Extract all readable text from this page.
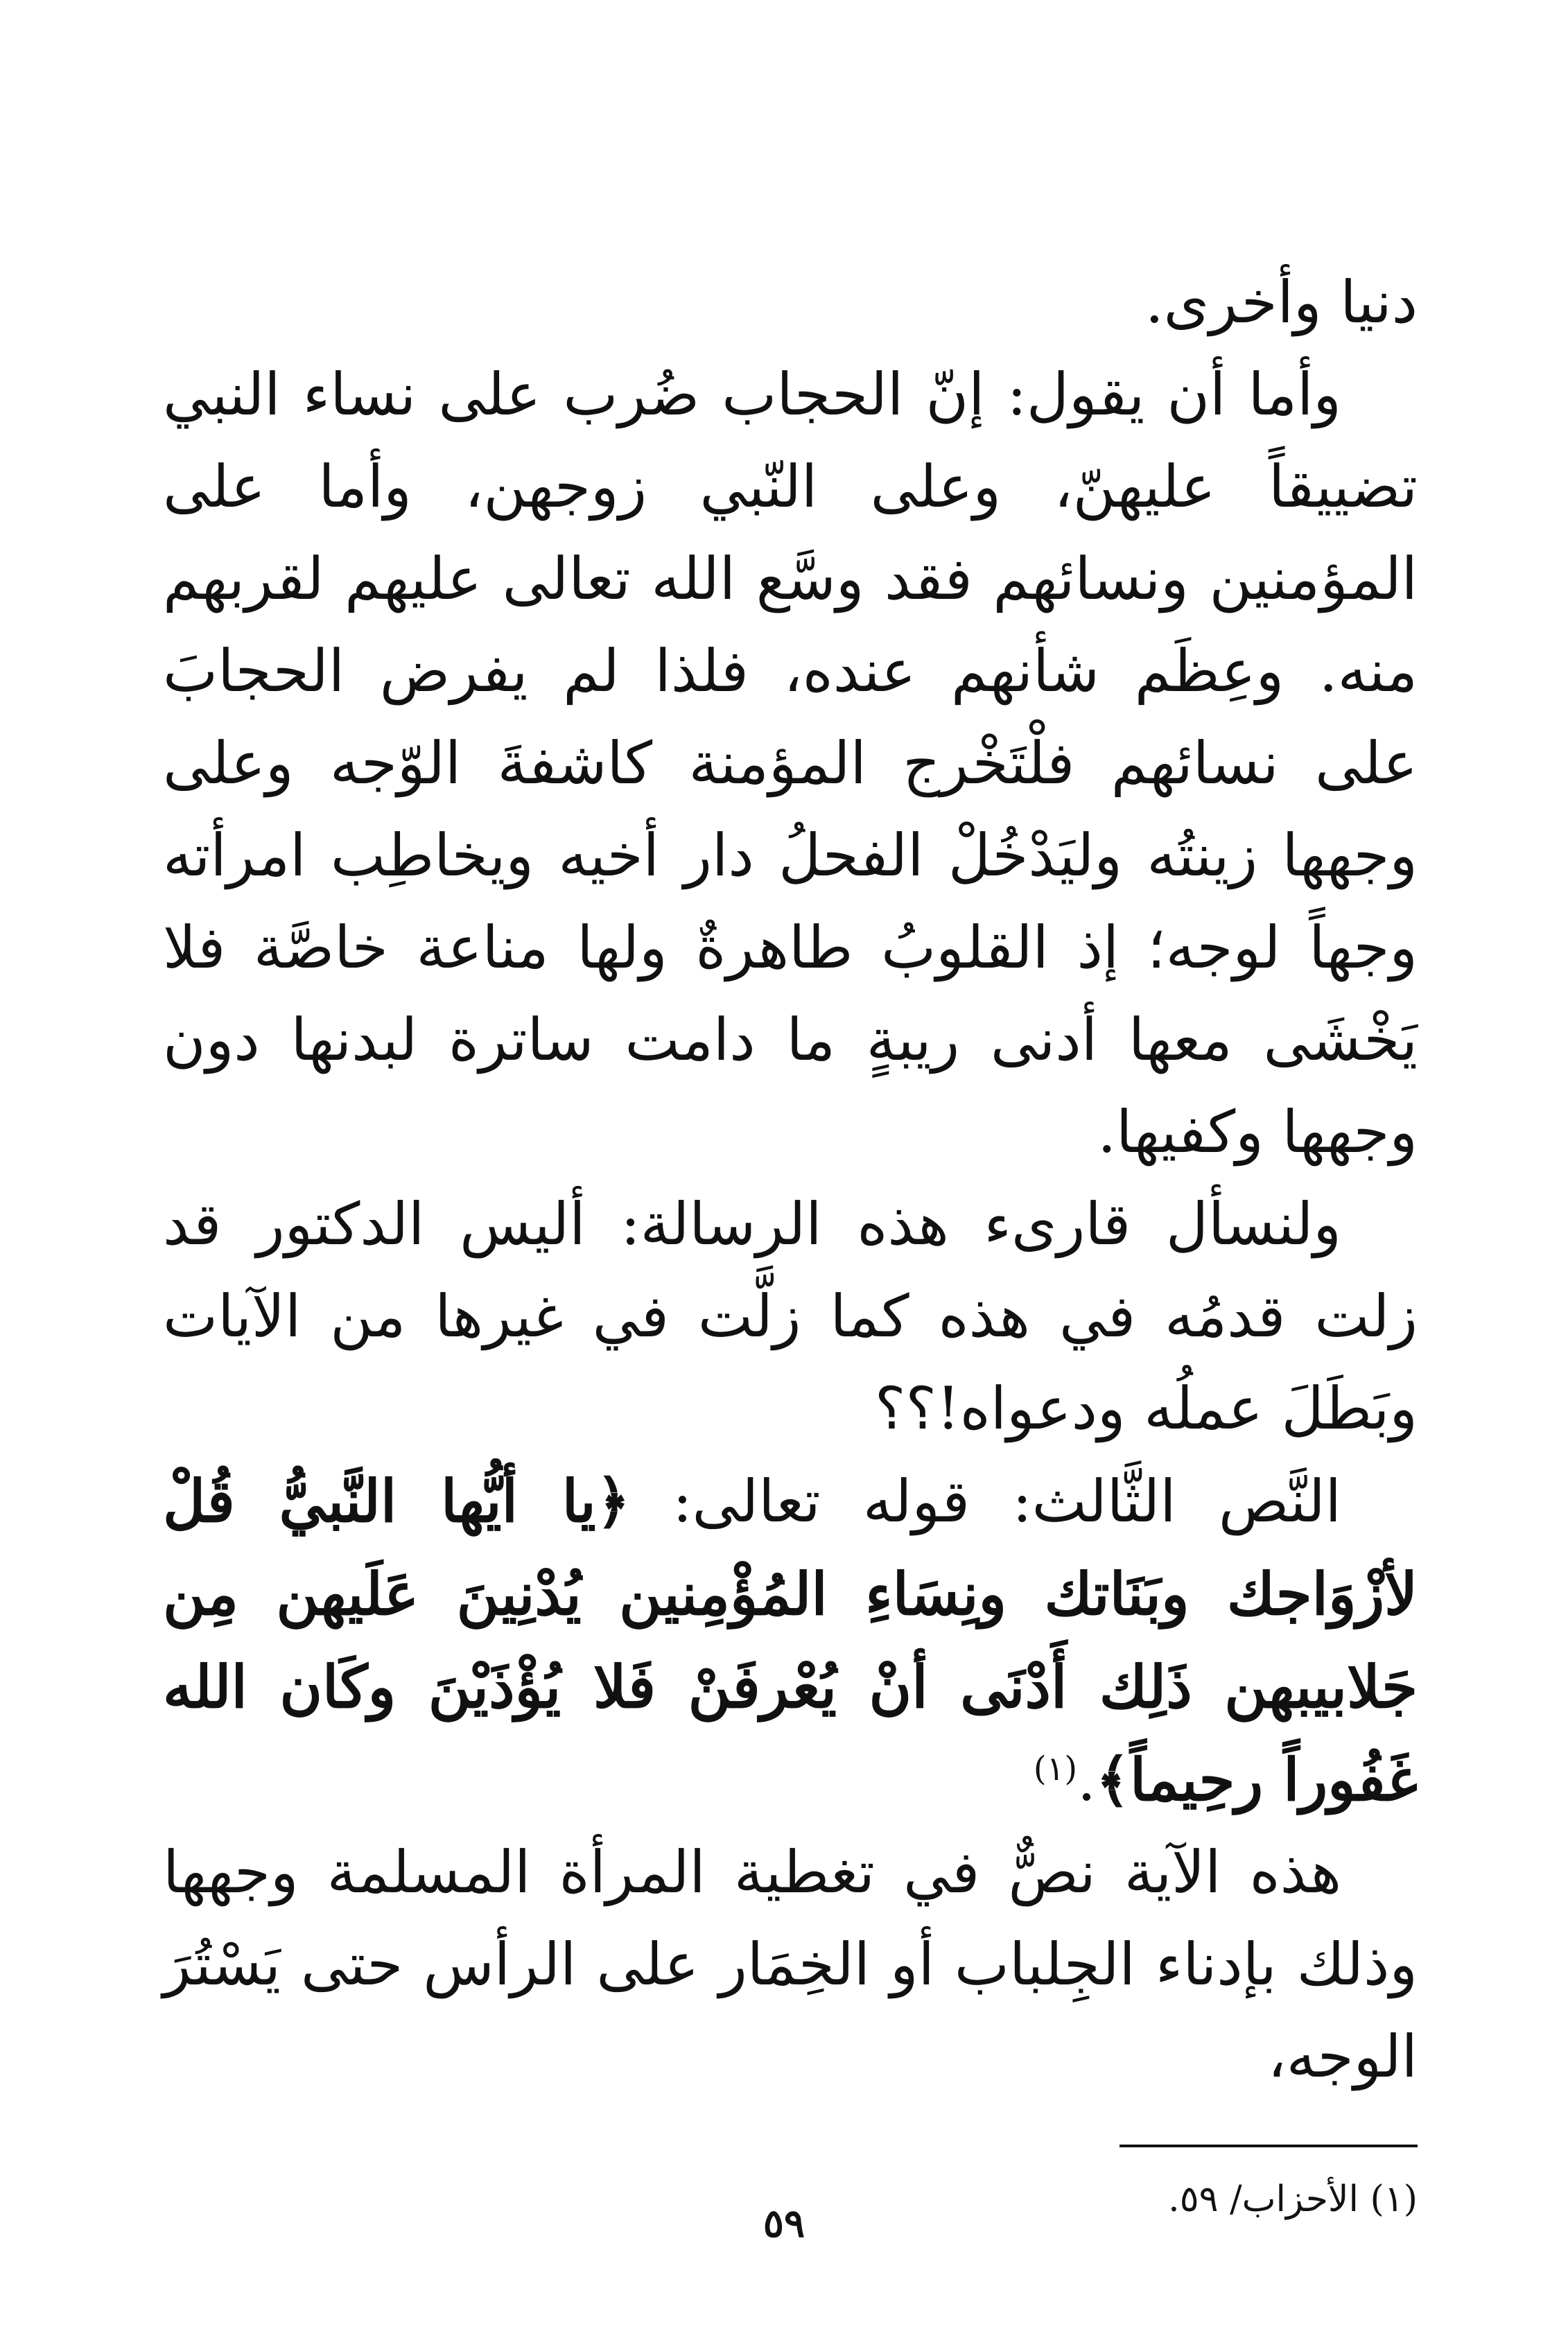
دنيا وأخرى.

وأما أن يقول: إنّ الحجاب ضُرب على نساء النبي تضييقاً عليهنّ، وعلى النّبي زوجهن، وأما على المؤمنين ونسائهم فقد وسَّع الله تعالى عليهم لقربهم منه. وعِظَم شأنهم عنده، فلذا لم يفرض الحجابَ على نسائهم فلْتَخْرج المؤمنة كاشفةَ الوّجه وعلى وجهها زينتُه وليَدْخُلْ الفحلُ دار أخيه ويخاطِب امرأته وجهاً لوجه؛ إذ القلوبُ طاهرةٌ ولها مناعة خاصَّة فلا يَخْشَى معها أدنى ريبةٍ ما دامت ساترة لبدنها دون وجهها وكفيها.

ولنسأل قارىء هذه الرسالة: أليس الدكتور قد زلت قدمُه في هذه كما زلَّت في غيرها من الآيات وبَطَلَ عملُه ودعواه!؟؟

النَّص الثَّالث: قوله تعالى: ﴿يا أيُّها النَّبيُّ قُلْ لأزْوَاجك وبَنَاتك ونِسَاءِ المُؤْمِنين يُدْنِينَ عَلَيهن مِن جَلابيبهن ذَلِك أَدْنَى أنْ يُعْرفَنْ فَلا يُؤْذَيْنَ وكَان الله غَفُوراً رحِيماً﴾.$^{(١)}$

هذه الآية نصٌّ في تغطية المرأة المسلمة وجهها وذلك بإدناء الجِلباب أو الخِمَار على الرأس حتى يَسْتُرَ الوجه،

(١) الأحزاب/ ٥٩.

٥٩
